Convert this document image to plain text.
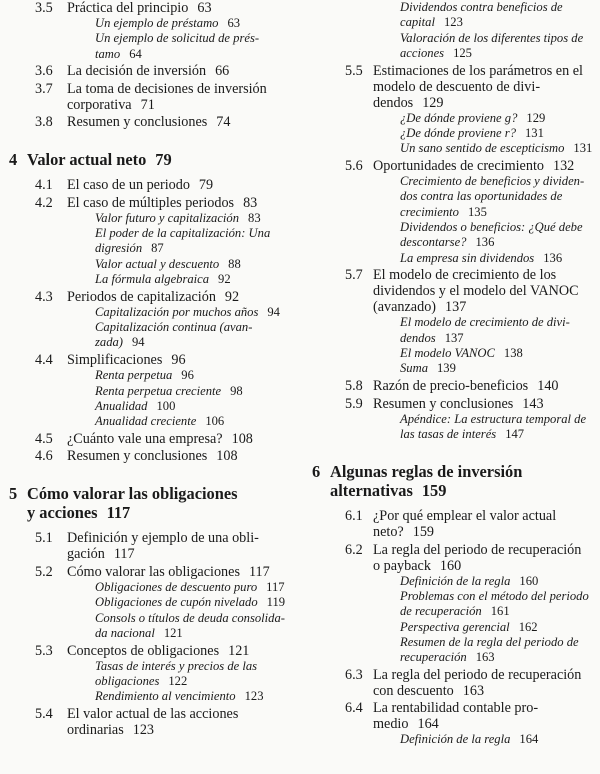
3.5 Práctica del principio 63
Un ejemplo de préstamo 63
Un ejemplo de solicitud de prés-
tamo 64
3.6 La decisión de inversión 66
3.7 La toma de decisiones de inversión
corporativa 71
3.8 Resumen y conclusiones 74
4 Valor actual neto 79
4.1 El caso de un periodo 79
4.2 El caso de múltiples periodos 83
Valor futuro y capitalización 83
El poder de la capitalización: Una
digresión 87
Valor actual y descuento 88
La fórmula algebraica 92
4.3 Periodos de capitalización 92
Capitalización por muchos años 94
Capitalización continua (avan-
zada) 94
4.4 Simplificaciones 96
Renta perpetua 96
Renta perpetua creciente 98
Anualidad 100
Anualidad creciente 106
4.5 ¿Cuánto vale una empresa? 108
4.6 Resumen y conclusiones 108
5 Cómo valorar las obligaciones
y acciones 117
5.1 Definición y ejemplo de una obli-
gación 117
5.2 Cómo valorar las obligaciones 117
Obligaciones de descuento puro 117
Obligaciones de cupón nivelado 119
Consols o títulos de deuda consolida-
da nacional 121
5.3 Conceptos de obligaciones 121
Tasas de interés y precios de las
obligaciones 122
Rendimiento al vencimiento 123
5.4 El valor actual de las acciones
ordinarias 123
Dividendos contra beneficios de
capital 123
Valoración de los diferentes tipos de
acciones 125
5.5 Estimaciones de los parámetros en el
modelo de descuento de divi-
dendos 129
¿De dónde proviene g? 129
¿De dónde proviene r? 131
Un sano sentido de escepticismo 131
5.6 Oportunidades de crecimiento 132
Crecimiento de beneficios y dividen-
dos contra las oportunidades de
crecimiento 135
Dividendos o beneficios: ¿Qué debe
descontarse? 136
La empresa sin dividendos 136
5.7 El modelo de crecimiento de los
dividendos y el modelo del VANOC
(avanzado) 137
El modelo de crecimiento de divi-
dendos 137
El modelo VANOC 138
Suma 139
5.8 Razón de precio-beneficios 140
5.9 Resumen y conclusiones 143
Apéndice: La estructura temporal de
las tasas de interés 147
6 Algunas reglas de inversión
alternativas 159
6.1 ¿Por qué emplear el valor actual
neto? 159
6.2 La regla del periodo de recuperación
o payback 160
Definición de la regla 160
Problemas con el método del periodo
de recuperación 161
Perspectiva gerencial 162
Resumen de la regla del periodo de
recuperación 163
6.3 La regla del periodo de recuperación
con descuento 163
6.4 La rentabilidad contable pro-
medio 164
Definición de la regla 164
